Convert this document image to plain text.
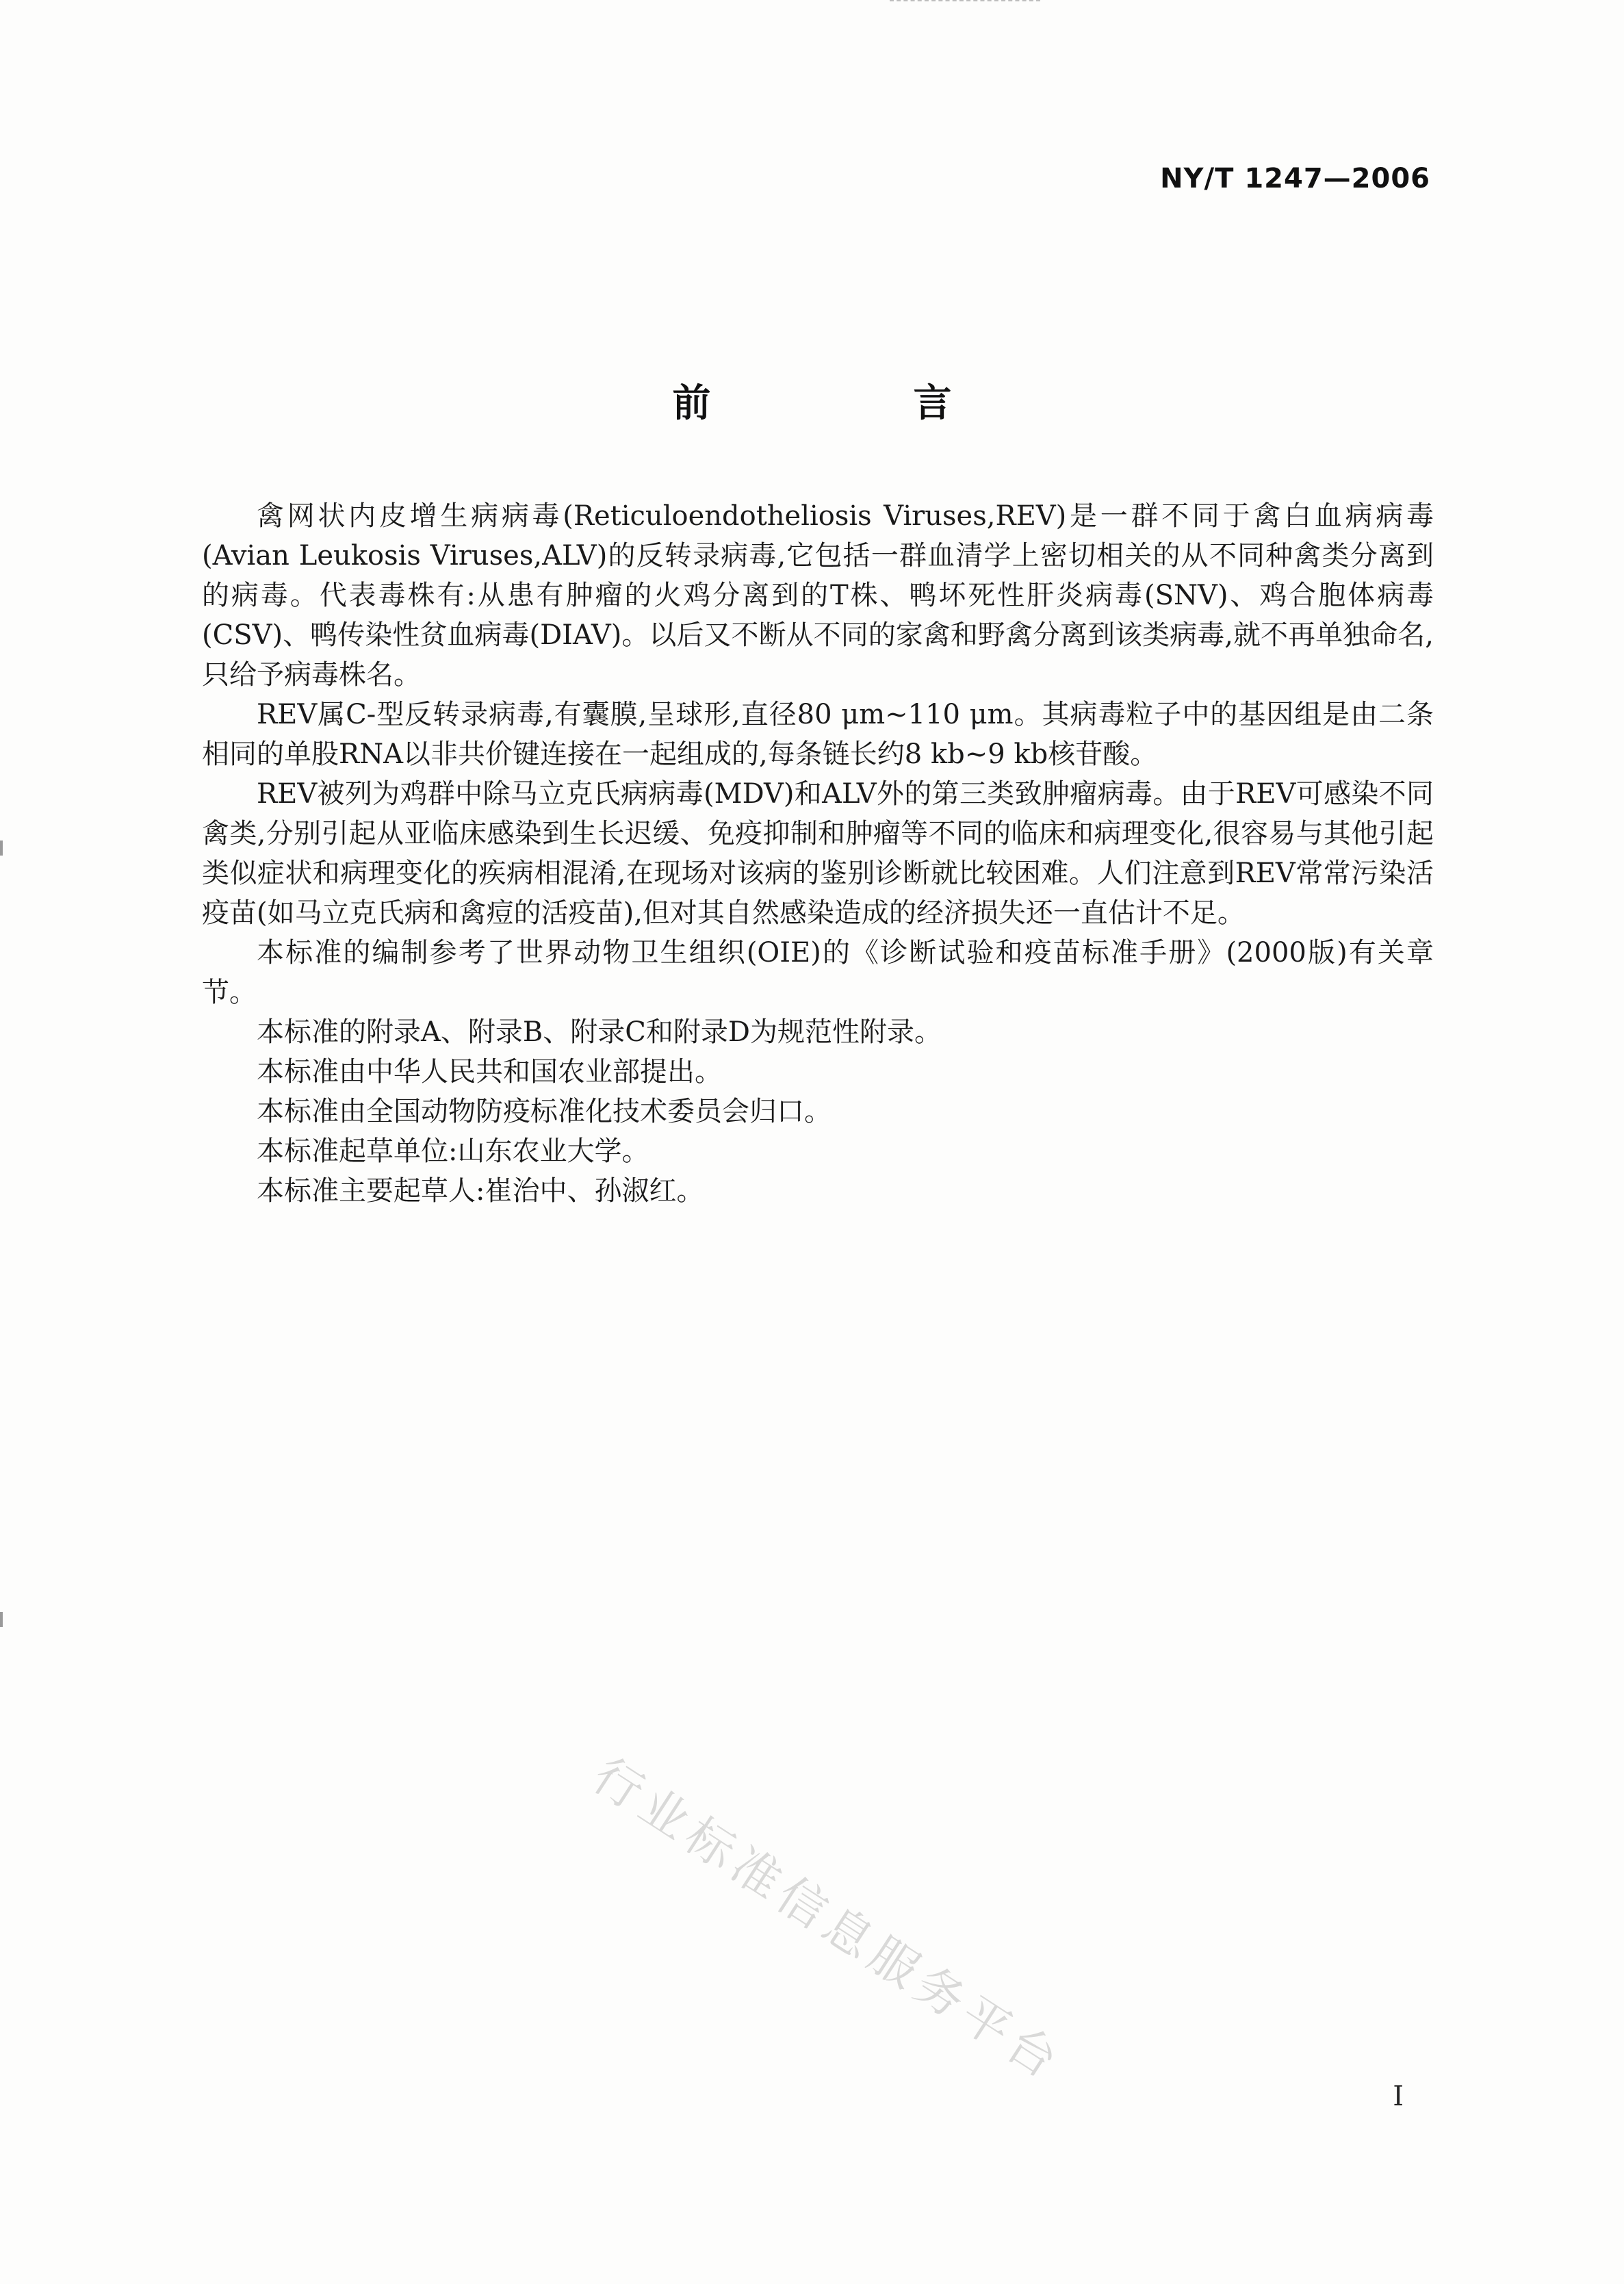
NY/T 1247—2006
前　言

禽网状内皮增生病病毒(Reticuloendotheliosis Viruses,REV)是一群不同于禽白血病病毒(Avian Leukosis Viruses,ALV)的反转录病毒,它包括一群血清学上密切相关的从不同种禽类分离到的病毒。代表毒株有:从患有肿瘤的火鸡分离到的T株、鸭坏死性肝炎病毒(SNV)、鸡合胞体病毒(CSV)、鸭传染性贫血病毒(DIAV)。以后又不断从不同的家禽和野禽分离到该类病毒,就不再单独命名,只给予病毒株名。

REV属C-型反转录病毒,有囊膜,呈球形,直径80 μm~110 μm。其病毒粒子中的基因组是由二条相同的单股RNA以非共价键连接在一起组成的,每条链长约8 kb~9 kb核苷酸。

REV被列为鸡群中除马立克氏病病毒(MDV)和ALV外的第三类致肿瘤病毒。由于REV可感染不同禽类,分别引起从亚临床感染到生长迟缓、免疫抑制和肿瘤等不同的临床和病理变化,很容易与其他引起类似症状和病理变化的疾病相混淆,在现场对该病的鉴别诊断就比较困难。人们注意到REV常常污染活疫苗(如马立克氏病和禽痘的活疫苗),但对其自然感染造成的经济损失还一直估计不足。

本标准的编制参考了世界动物卫生组织(OIE)的《诊断试验和疫苗标准手册》(2000版)有关章节。

本标准的附录A、附录B、附录C和附录D为规范性附录。

本标准由中华人民共和国农业部提出。

本标准由全国动物防疫标准化技术委员会归口。

本标准起草单位:山东农业大学。

本标准主要起草人:崔治中、孙淑红。

行业标准信息服务平台
I
